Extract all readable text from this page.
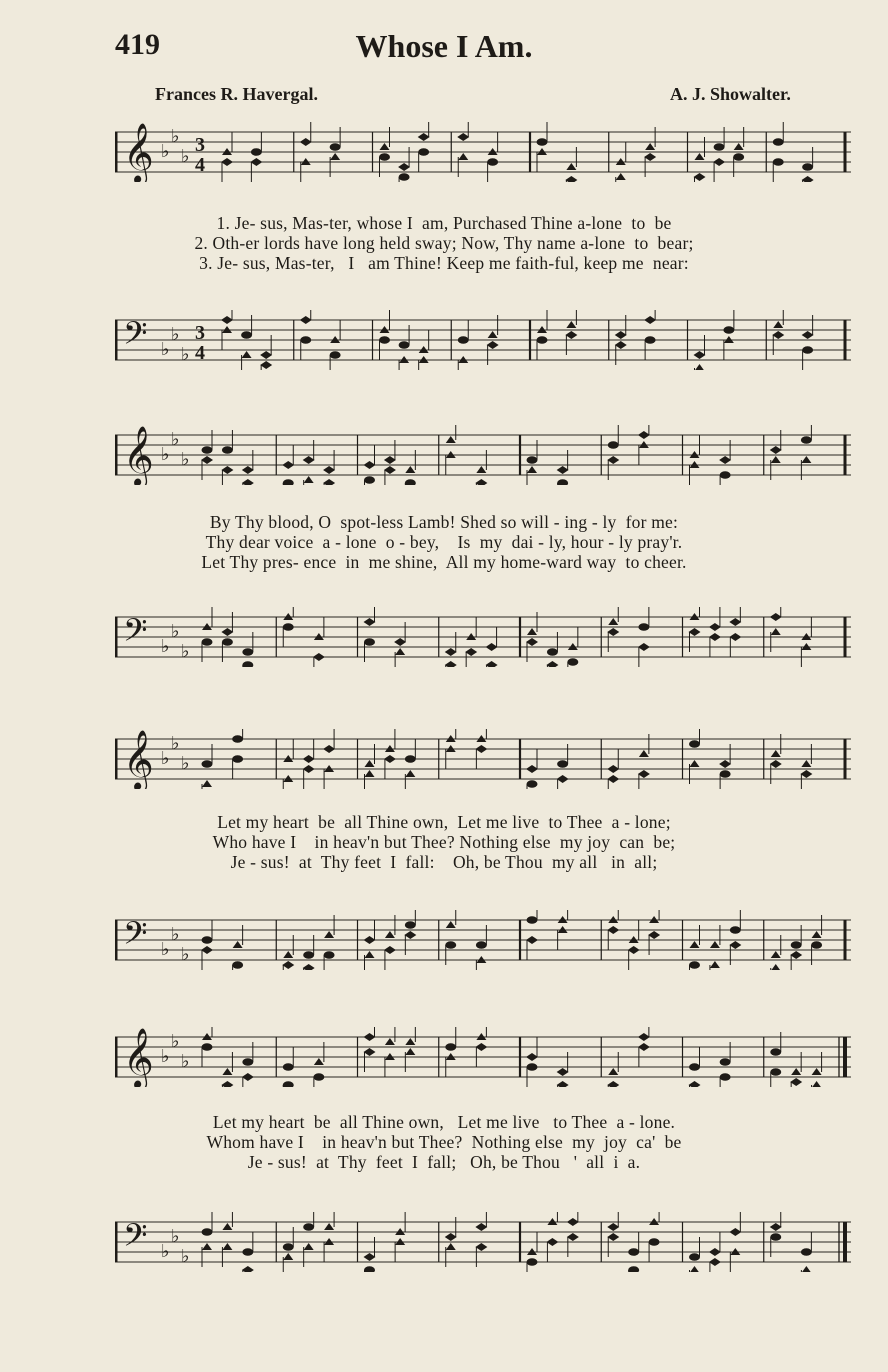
419	Whose I Am.
Frances R. Havergal.	A. J. Showalter.
𝄞 ♭
♭
♭
3
4
1. Je- sus, Mas-ter, whose I  am, Purchased Thine a-lone  to  be
2. Oth-er lords have long held sway; Now, Thy name a-lone  to  bear;
3. Je- sus, Mas-ter,   I   am Thine! Keep me faith-ful, keep me  near:
𝄢 ♭
♭
♭
3
4
𝄞 ♭
♭
♭
By Thy blood, O  spot-less Lamb! Shed so will - ing - ly  for me:
Thy dear voice  a - lone  o - bey,    Is  my  dai - ly, hour - ly pray'r.
Let Thy pres- ence  in  me shine,  All my home-ward way  to cheer.
𝄢 ♭
♭
♭
𝄞 ♭
♭
♭
Let my heart  be  all Thine own,  Let me live  to Thee  a - lone;
Who have I    in heav'n but Thee? Nothing else  my joy  can  be;
Je - sus!  at  Thy feet  I  fall:    Oh, be Thou  my all   in  all;
𝄢 ♭
♭
♭
𝄞 ♭
♭
♭
Let my heart  be  all Thine own,   Let me live   to Thee  a - lone.
Whom have I    in heav'n but Thee?  Nothing else  my  joy  ca'  be
Je - sus!  at  Thy  feet  I  fall;   Oh, be Thou   '  all  i  a.
𝄢 ♭
♭
♭
